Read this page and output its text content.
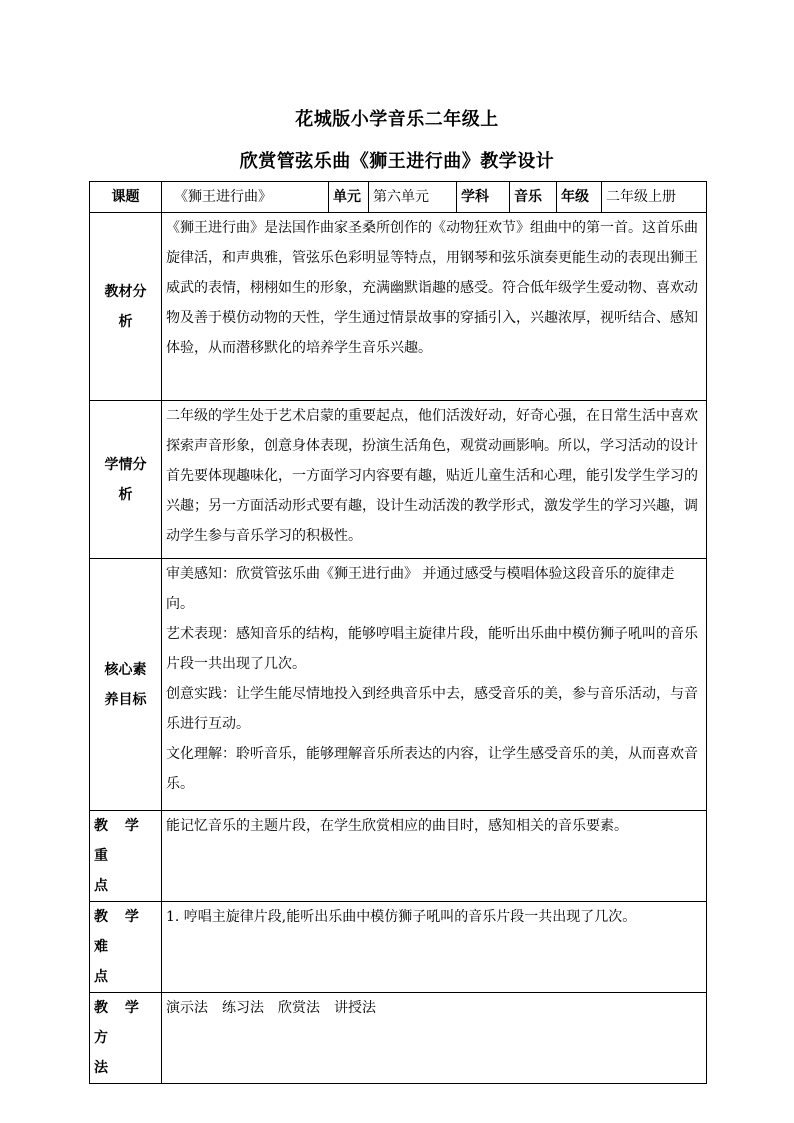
花城版小学音乐二年级上
欣赏管弦乐曲《狮王进行曲》教学设计
课题	《狮王进行曲》	单元	第六单元	学科	音乐	年级	二年级上册

教材分
析	《狮王进行曲》是法国作曲家圣桑所创作的《动物狂欢节》组曲中的第一首。这首乐曲旋律活，和声典雅，管弦乐色彩明显等特点，用钢琴和弦乐演奏更能生动的表现出狮王威武的表情，栩栩如生的形象，充满幽默诣趣的感受。符合低年级学生爱动物、喜欢动物及善于模仿动物的天性，学生通过情景故事的穿插引入，兴趣浓厚，视听结合、感知体验，从而潜移默化的培养学生音乐兴趣。						

学情分
析	二年级的学生处于艺术启蒙的重要起点，他们活泼好动，好奇心强，在日常生活中喜欢探索声音形象，创意身体表现，扮演生活角色，观赏动画影响。所以，学习活动的设计首先要体现趣味化，一方面学习内容要有趣，贴近儿童生活和心理，能引发学生学习的兴趣；另一方面活动形式要有趣，设计生动活泼的教学形式，激发学生的学习兴趣，调动学生参与音乐学习的积极性。						

核心素
养目标	审美感知：欣赏管弦乐曲《狮王进行曲》 并通过感受与模唱体验这段音乐的旋律走向。
艺术表现：感知音乐的结构，能够哼唱主旋律片段，能听出乐曲中模仿狮子吼叫的音乐片段一共出现了几次。
创意实践：让学生能尽情地投入到经典音乐中去，感受音乐的美，参与音乐活动，与音乐进行互动。
文化理解：聆听音乐，能够理解音乐所表达的内容，让学生感受音乐的美，从而喜欢音乐。						

教 学 重
点	能记忆音乐的主题片段，在学生欣赏相应的曲目时，感知相关的音乐要素。						

教 学 难
点	1. 哼唱主旋律片段,能听出乐曲中模仿狮子吼叫的音乐片段一共出现了几次。						

教 学 方
法	演示法　练习法　欣赏法　讲授法						
